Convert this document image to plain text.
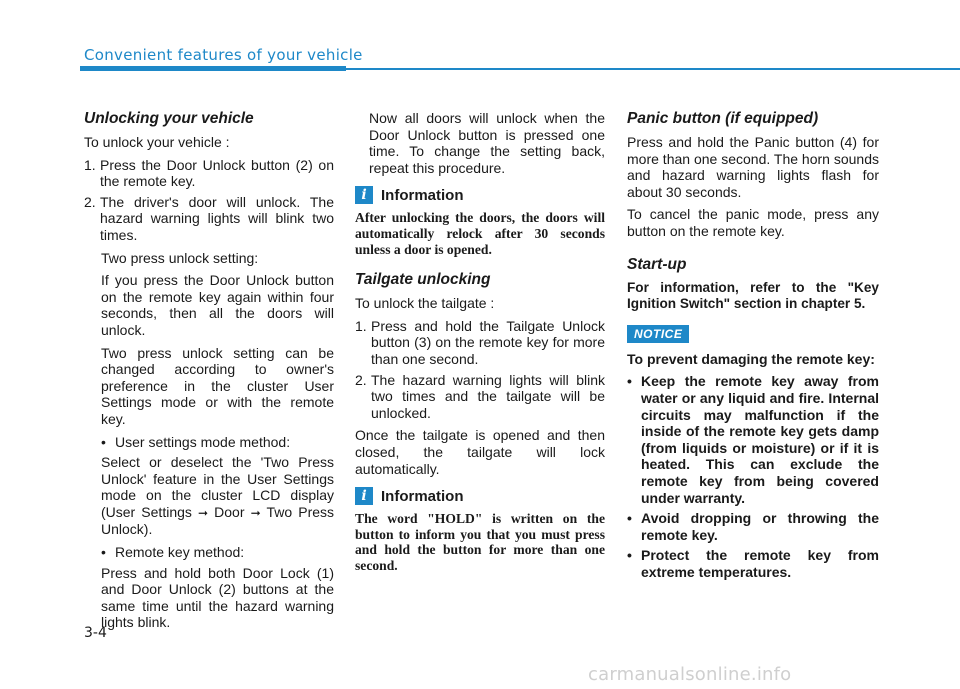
Convenient features of your vehicle
Unlocking your vehicle

To unlock your vehicle :

1. Press the Door Unlock button (2) on the remote key.
2. The driver's door will unlock. The hazard warning lights will blink two times.

Two press unlock setting:

If you press the Door Unlock button on the remote key again within four seconds, then all the doors will unlock.

Two press unlock setting can be changed according to owner's preference in the cluster User Settings mode or with the remote key.

• User settings mode method:

Select or deselect the 'Two Press Unlock' feature in the User Settings mode on the cluster LCD display (User Settings ➞ Door ➞ Two Press Unlock).

• Remote key method:

Press and hold both Door Lock (1) and Door Unlock (2) buttons at the same time until the hazard warning lights blink.

Now all doors will unlock when the Door Unlock button is pressed one time. To change the setting back, repeat this procedure.

i Information

After unlocking the doors, the doors will automatically relock after 30 seconds unless a door is opened.

Tailgate unlocking

To unlock the tailgate :

1. Press and hold the Tailgate Unlock button (3) on the remote key for more than one second.
2. The hazard warning lights will blink two times and the tailgate will be unlocked.

Once the tailgate is opened and then closed, the tailgate will lock automatically.

i Information

The word "HOLD" is written on the button to inform you that you must press and hold the button for more than one second.

Panic button (if equipped)

Press and hold the Panic button (4) for more than one second. The horn sounds and hazard warning lights flash for about 30 seconds.

To cancel the panic mode, press any button on the remote key.

Start-up

For information, refer to the "Key Ignition Switch" section in chapter 5.

NOTICE

To prevent damaging the remote key:

• Keep the remote key away from water or any liquid and fire. Internal circuits may malfunction if the inside of the remote key gets damp (from liquids or moisture) or if it is heated. This can exclude the remote key from being covered under warranty.
• Avoid dropping or throwing the remote key.
• Protect the remote key from extreme temperatures.
3-4
carmanualsonline.info
